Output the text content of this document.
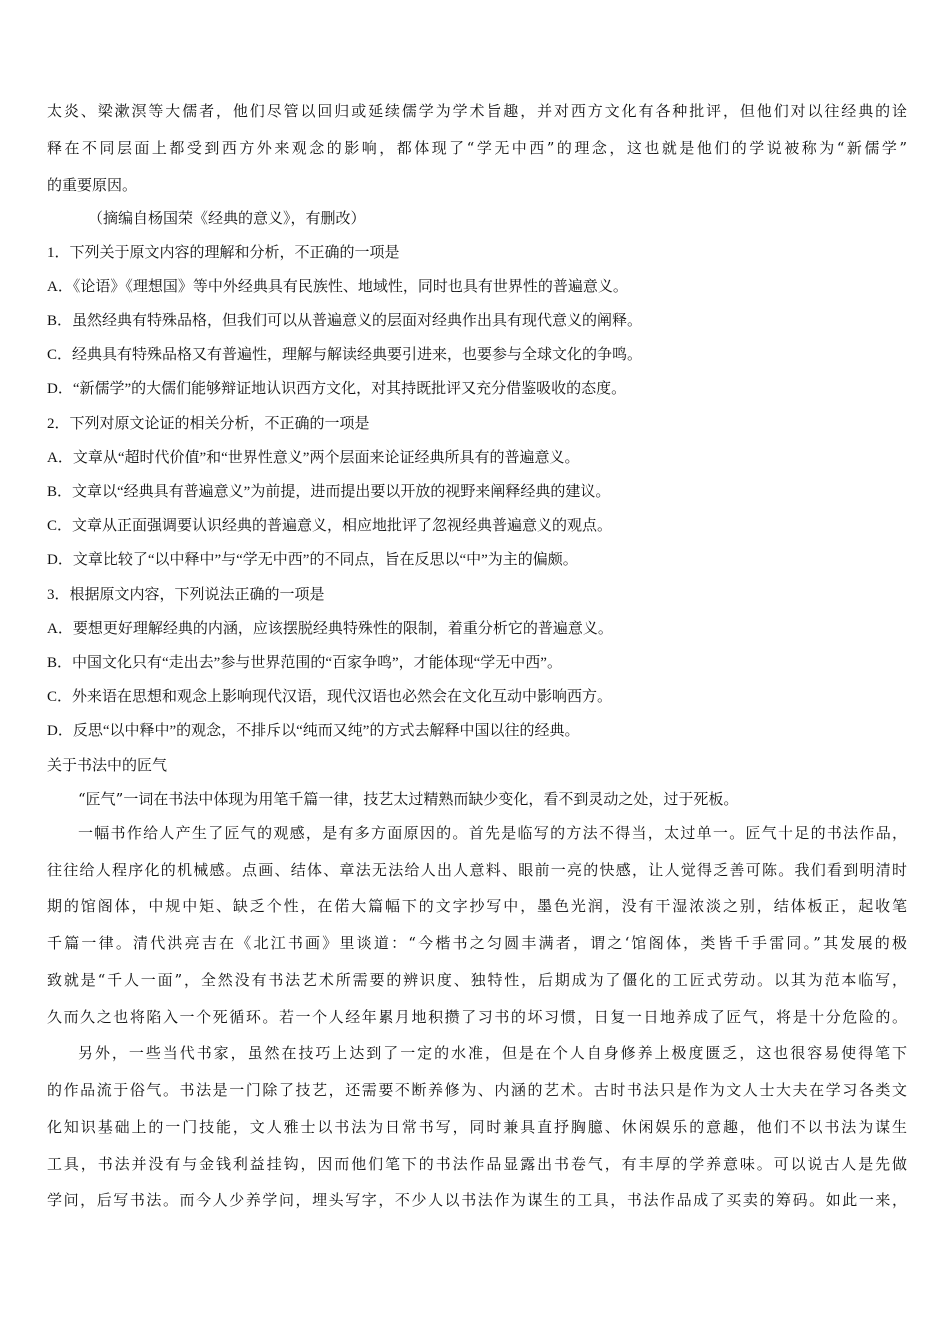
太炎、梁漱溟等大儒者，他们尽管以回归或延续儒学为学术旨趣，并对西方文化有各种批评，但他们对以往经典的诠
释在不同层面上都受到西方外来观念的影响，都体现了“学无中西”的理念，这也就是他们的学说被称为“新儒学”
的重要原因。
（摘编自杨国荣《经典的意义》，有删改）
1．下列关于原文内容的理解和分析，不正确的一项是
A．《论语》《理想国》等中外经典具有民族性、地域性，同时也具有世界性的普遍意义。
B．虽然经典有特殊品格，但我们可以从普遍意义的层面对经典作出具有现代意义的阐释。
C．经典具有特殊品格又有普遍性，理解与解读经典要引进来，也要参与全球文化的争鸣。
D．“新儒学”的大儒们能够辩证地认识西方文化，对其持既批评又充分借鉴吸收的态度。
2．下列对原文论证的相关分析，不正确的一项是
A．文章从“超时代价值”和“世界性意义”两个层面来论证经典所具有的普遍意义。
B．文章以“经典具有普遍意义”为前提，进而提出要以开放的视野来阐释经典的建议。
C．文章从正面强调要认识经典的普遍意义，相应地批评了忽视经典普遍意义的观点。
D．文章比较了“以中释中”与“学无中西”的不同点，旨在反思以“中”为主的偏颇。
3．根据原文内容，下列说法正确的一项是
A．要想更好理解经典的内涵，应该摆脱经典特殊性的限制，着重分析它的普遍意义。
B．中国文化只有“走出去”参与世界范围的“百家争鸣”，才能体现“学无中西”。
C．外来语在思想和观念上影响现代汉语，现代汉语也必然会在文化互动中影响西方。
D．反思“以中释中”的观念，不排斥以“纯而又纯”的方式去解释中国以往的经典。
关于书法中的匠气
“匠气”一词在书法中体现为用笔千篇一律，技艺太过精熟而缺少变化，看不到灵动之处，过于死板。
一幅书作给人产生了匠气的观感，是有多方面原因的。首先是临写的方法不得当，太过单一。匠气十足的书法作品，
往往给人程序化的机械感。点画、结体、章法无法给人出人意料、眼前一亮的快感，让人觉得乏善可陈。我们看到明清时
期的馆阁体，中规中矩、缺乏个性，在偌大篇幅下的文字抄写中，墨色光润，没有干湿浓淡之别，结体板正，起收笔
千篇一律。清代洪亮吉在《北江书画》里谈道：“今楷书之匀圆丰满者，谓之‘馆阁体，类皆千手雷同。”其发展的极
致就是“千人一面”，全然没有书法艺术所需要的辨识度、独特性，后期成为了僵化的工匠式劳动。以其为范本临写，
久而久之也将陷入一个死循环。若一个人经年累月地积攒了习书的坏习惯，日复一日地养成了匠气，将是十分危险的。
另外，一些当代书家，虽然在技巧上达到了一定的水准，但是在个人自身修养上极度匮乏，这也很容易使得笔下
的作品流于俗气。书法是一门除了技艺，还需要不断养修为、内涵的艺术。古时书法只是作为文人士大夫在学习各类文
化知识基础上的一门技能，文人雅士以书法为日常书写，同时兼具直抒胸臆、休闲娱乐的意趣，他们不以书法为谋生
工具，书法并没有与金钱利益挂钩，因而他们笔下的书法作品显露出书卷气，有丰厚的学养意味。可以说古人是先做
学问，后写书法。而今人少养学问，埋头写字，不少人以书法作为谋生的工具，书法作品成了买卖的筹码。如此一来，
